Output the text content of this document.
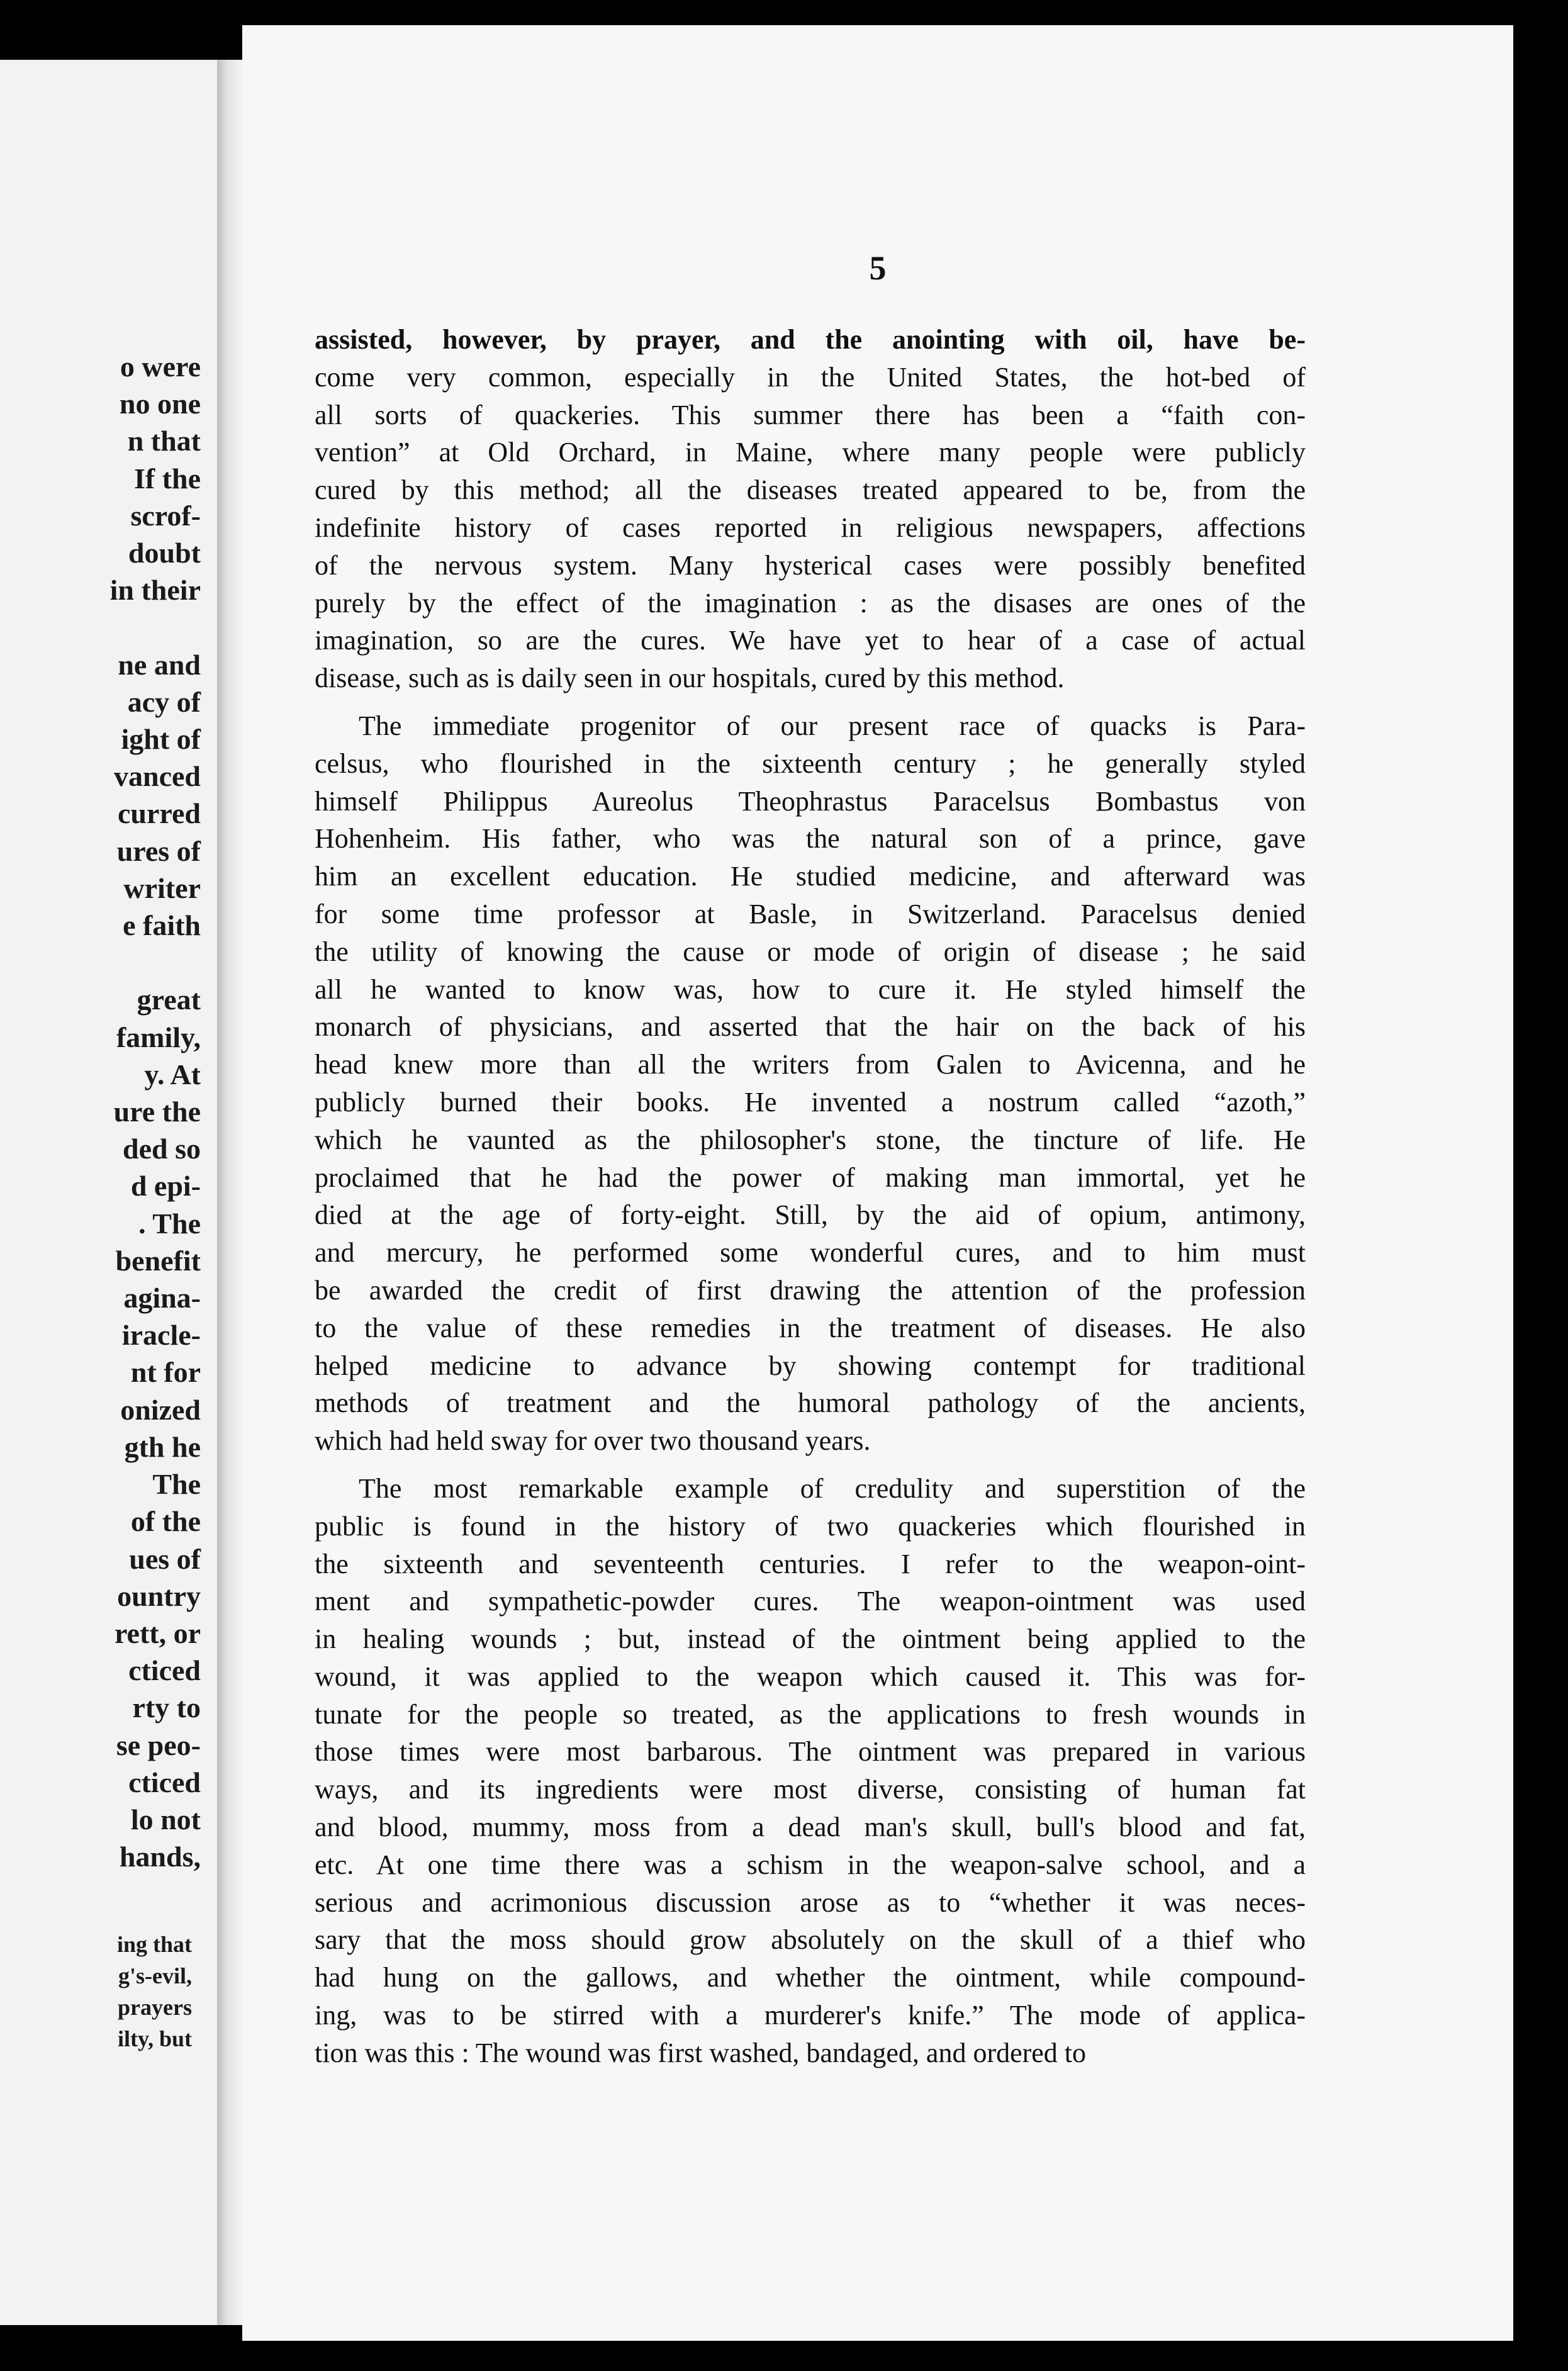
o were
no one
n that
If the
scrof-
doubt
in their

ne and
acy of
ight of
vanced
curred
ures of
writer
e faith

great
family,
y. At
ure the
ded so
d epi-
. The
benefit
agina-
iracle-
nt for
onized
gth he
The
of the
ues of
ountry
rett, or
cticed
rty to
se peo-
cticed
lo not
hands,
ing that
g's-evil,
prayers
ilty, but
5
assisted, however, by prayer, and the anointing with oil, have be-
come very common, especially in the United States, the hot-bed of
all sorts of quackeries. This summer there has been a “faith con-
vention” at Old Orchard, in Maine, where many people were publicly
cured by this method; all the diseases treated appeared to be, from the
indefinite history of cases reported in religious newspapers, affections
of the nervous system. Many hysterical cases were possibly benefited
purely by the effect of the imagination : as the disases are ones of the
imagination, so are the cures. We have yet to hear of a case of actual
disease, such as is daily seen in our hospitals, cured by this method.
The immediate progenitor of our present race of quacks is Para-
celsus, who flourished in the sixteenth century ; he generally styled
himself Philippus Aureolus Theophrastus Paracelsus Bombastus von
Hohenheim. His father, who was the natural son of a prince, gave
him an excellent education. He studied medicine, and afterward was
for some time professor at Basle, in Switzerland. Paracelsus denied
the utility of knowing the cause or mode of origin of disease ; he said
all he wanted to know was, how to cure it. He styled himself the
monarch of physicians, and asserted that the hair on the back of his
head knew more than all the writers from Galen to Avicenna, and he
publicly burned their books. He invented a nostrum called “azoth,”
which he vaunted as the philosopher's stone, the tincture of life. He
proclaimed that he had the power of making man immortal, yet he
died at the age of forty-eight. Still, by the aid of opium, antimony,
and mercury, he performed some wonderful cures, and to him must
be awarded the credit of first drawing the attention of the profession
to the value of these remedies in the treatment of diseases. He also
helped medicine to advance by showing contempt for traditional
methods of treatment and the humoral pathology of the ancients,
which had held sway for over two thousand years.
The most remarkable example of credulity and superstition of the
public is found in the history of two quackeries which flourished in
the sixteenth and seventeenth centuries. I refer to the weapon-oint-
ment and sympathetic-powder cures. The weapon-ointment was used
in healing wounds ; but, instead of the ointment being applied to the
wound, it was applied to the weapon which caused it. This was for-
tunate for the people so treated, as the applications to fresh wounds in
those times were most barbarous. The ointment was prepared in various
ways, and its ingredients were most diverse, consisting of human fat
and blood, mummy, moss from a dead man's skull, bull's blood and fat,
etc. At one time there was a schism in the weapon-salve school, and a
serious and acrimonious discussion arose as to “whether it was neces-
sary that the moss should grow absolutely on the skull of a thief who
had hung on the gallows, and whether the ointment, while compound-
ing, was to be stirred with a murderer's knife.” The mode of applica-
tion was this : The wound was first washed, bandaged, and ordered to
